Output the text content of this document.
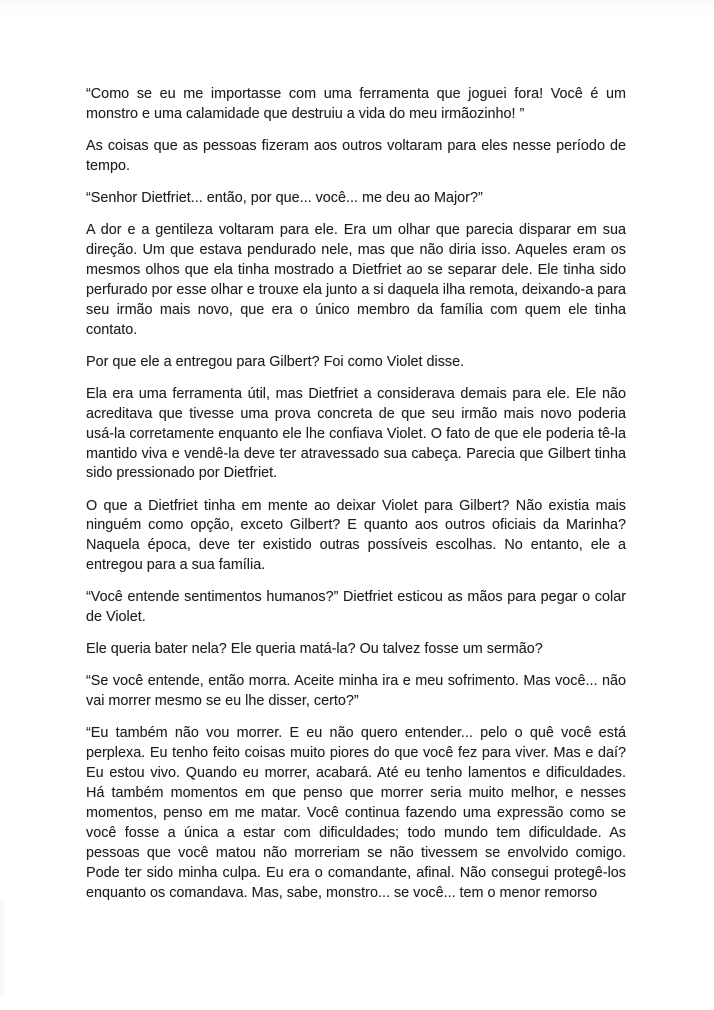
“Como se eu me importasse com uma ferramenta que joguei fora! Você é um monstro e uma calamidade que destruiu a vida do meu irmãozinho! ”

As coisas que as pessoas fizeram aos outros voltaram para eles nesse período de tempo.

“Senhor Dietfriet... então, por que... você... me deu ao Major?”

A dor e a gentileza voltaram para ele. Era um olhar que parecia disparar em sua direção. Um que estava pendurado nele, mas que não diria isso. Aqueles eram os mesmos olhos que ela tinha mostrado a Dietfriet ao se separar dele. Ele tinha sido perfurado por esse olhar e trouxe ela junto a si daquela ilha remota, deixando-a para seu irmão mais novo, que era o único membro da família com quem ele tinha contato.

Por que ele a entregou para Gilbert? Foi como Violet disse.

Ela era uma ferramenta útil, mas Dietfriet a considerava demais para ele. Ele não acreditava que tivesse uma prova concreta de que seu irmão mais novo poderia usá-la corretamente enquanto ele lhe confiava Violet. O fato de que ele poderia tê-la mantido viva e vendê-la deve ter atravessado sua cabeça. Parecia que Gilbert tinha sido pressionado por Dietfriet.

O que a Dietfriet tinha em mente ao deixar Violet para Gilbert? Não existia mais ninguém como opção, exceto Gilbert? E quanto aos outros oficiais da Marinha? Naquela época, deve ter existido outras possíveis escolhas. No entanto, ele a entregou para a sua família.

“Você entende sentimentos humanos?” Dietfriet esticou as mãos para pegar o colar de Violet.

Ele queria bater nela? Ele queria matá-la? Ou talvez fosse um sermão?

“Se você entende, então morra. Aceite minha ira e meu sofrimento. Mas você... não vai morrer mesmo se eu lhe disser, certo?”

“Eu também não vou morrer. E eu não quero entender... pelo o quê você está perplexa. Eu tenho feito coisas muito piores do que você fez para viver. Mas e daí? Eu estou vivo. Quando eu morrer, acabará. Até eu tenho lamentos e dificuldades. Há também momentos em que penso que morrer seria muito melhor, e nesses momentos, penso em me matar. Você continua fazendo uma expressão como se você fosse a única a estar com dificuldades; todo mundo tem dificuldade. As pessoas que você matou não morreriam se não tivessem se envolvido comigo. Pode ter sido minha culpa. Eu era o comandante, afinal. Não consegui protegê-los enquanto os comandava. Mas, sabe, monstro... se você... tem o menor remorso
